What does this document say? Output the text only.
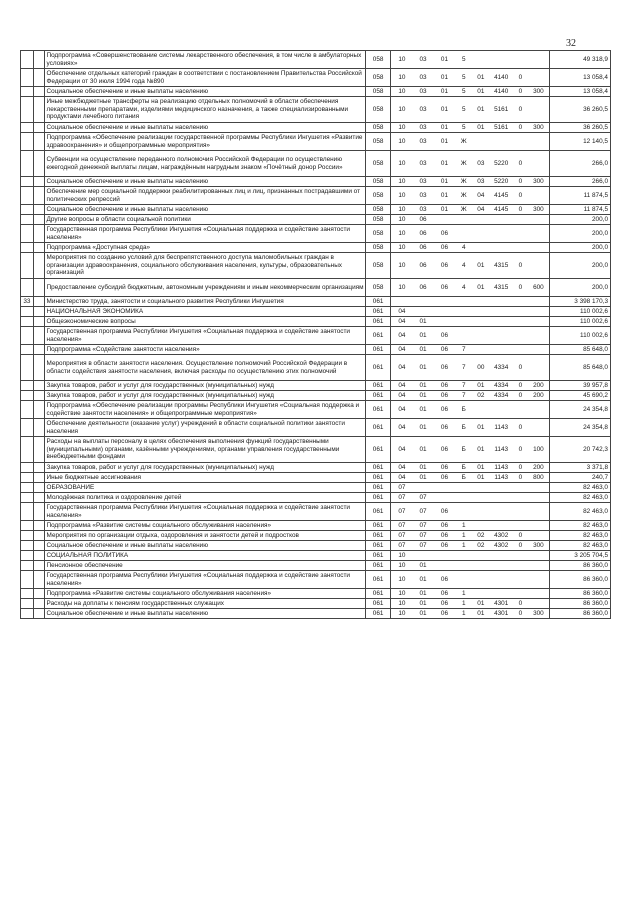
32
		Подпрограмма «Совершенствование системы лекарственного обеспечения, в том числе в амбулаторных условиях»	058	10	03	01	5					49 318,9
		Обеспечение отдельных категорий граждан в соответствии с постановлением Правительства Российской Федерации от 30 июля 1994 года №890	058	10	03	01	5	01	4140	0		13 058,4
		Социальное обеспечение и иные выплаты населению	058	10	03	01	5	01	4140	0	300	13 058,4
		Иные межбюджетные трансферты на реализацию отдельных полномочий в области обеспечения лекарственными препаратами, изделиями медицинского назначения, а также специализированными продуктами лечебного питания	058	10	03	01	5	01	5161	0		36 260,5
		Социальное обеспечение и иные выплаты населению	058	10	03	01	5	01	5161	0	300	36 260,5
		Подпрограмма «Обеспечение реализации государственной программы Республики Ингушетия «Развитие здравоохранения» и общепрограммные мероприятия»	058	10	03	01	Ж					12 140,5
		Субвенции на осуществление переданного полномочия Российской Федерации по осуществлению ежегодной денежной выплаты лицам, награждённым нагрудным знаком «Почётный донор России»	058	10	03	01	Ж	03	5220	0		266,0
		Социальное обеспечение и иные выплаты населению	058	10	03	01	Ж	03	5220	0	300	266,0
		Обеспечение мер социальной поддержки реабилитированных лиц и лиц, признанных пострадавшими от политических репрессий	058	10	03	01	Ж	04	4145	0		11 874,5
		Социальное обеспечение и иные выплаты населению	058	10	03	01	Ж	04	4145	0	300	11 874,5
		Другие вопросы в области социальной политики	058	10	06							200,0
		Государственная программа Республики Ингушетия «Социальная поддержка и содействие занятости населения»	058	10	06	06						200,0
		Подпрограмма «Доступная среда»	058	10	06	06	4					200,0
		Мероприятия по созданию условий для беспрепятственного доступа маломобильных граждан в организации здравоохранения, социального обслуживания населения, культуры, образовательных организаций	058	10	06	06	4	01	4315	0		200,0
		Предоставление субсидий бюджетным, автономным учреждениям и иным некоммерческим организациям	058	10	06	06	4	01	4315	0	600	200,0
33		Министерство труда, занятости и социального развития Республики Ингушетия	061									3 398 170,3
		НАЦИОНАЛЬНАЯ ЭКОНОМИКА	061	04								110 002,6
		Общеэкономические вопросы	061	04	01							110 002,6
		Государственная программа Республики Ингушетия «Социальная поддержка и содействие занятости населения»	061	04	01	06						110 002,6
		Подпрограмма «Содействие занятости населения»	061	04	01	06	7					85 648,0
		Мероприятия в области занятости населения. Осуществление полномочий Российской Федерации в области содействия занятости населения, включая расходы по осуществлению этих полномочий	061	04	01	06	7	00	4334	0		85 648,0
		Закупка товаров, работ и услуг для государственных (муниципальных) нужд	061	04	01	06	7	01	4334	0	200	39 957,8
		Закупка товаров, работ и услуг для государственных (муниципальных) нужд	061	04	01	06	7	02	4334	0	200	45 690,2
		Подпрограмма «Обеспечение реализации программы Республики Ингушетия «Социальная поддержка и содействие занятости населения» и общепрограммные мероприятия»	061	04	01	06	Б					24 354,8
		Обеспечение деятельности (оказание услуг) учреждений в области социальной политики занятости населения	061	04	01	06	Б	01	1143	0		24 354,8
		Расходы на выплаты персоналу в целях обеспечения выполнения функций государственными (муниципальными) органами, казёнными учреждениями, органами управления государственными внебюджетными фондами	061	04	01	06	Б	01	1143	0	100	20 742,3
		Закупка товаров, работ и услуг для государственных (муниципальных) нужд	061	04	01	06	Б	01	1143	0	200	3 371,8
		Иные бюджетные ассигнования	061	04	01	06	Б	01	1143	0	800	240,7
		ОБРАЗОВАНИЕ	061	07								82 463,0
		Молодёжная политика и оздоровление детей	061	07	07							82 463,0
		Государственная программа Республики Ингушетия «Социальная поддержка и содействие занятости населения»	061	07	07	06						82 463,0
		Подпрограмма «Развитие системы социального обслуживания населения»	061	07	07	06	1					82 463,0
		Мероприятия по организации отдыха, оздоровления и занятости детей и подростков	061	07	07	06	1	02	4302	0		82 463,0
		Социальное обеспечение и иные выплаты населению	061	07	07	06	1	02	4302	0	300	82 463,0
		СОЦИАЛЬНАЯ ПОЛИТИКА	061	10								3 205 704,5
		Пенсионное обеспечение	061	10	01							86 360,0
		Государственная программа Республики Ингушетия «Социальная поддержка и содействие занятости населения»	061	10	01	06						86 360,0
		Подпрограмма «Развитие системы социального обслуживания населения»	061	10	01	06	1					86 360,0
		Расходы на доплаты к пенсиям государственных служащих	061	10	01	06	1	01	4301	0		86 360,0
		Социальное обеспечение и иные выплаты населению	061	10	01	06	1	01	4301	0	300	86 360,0
